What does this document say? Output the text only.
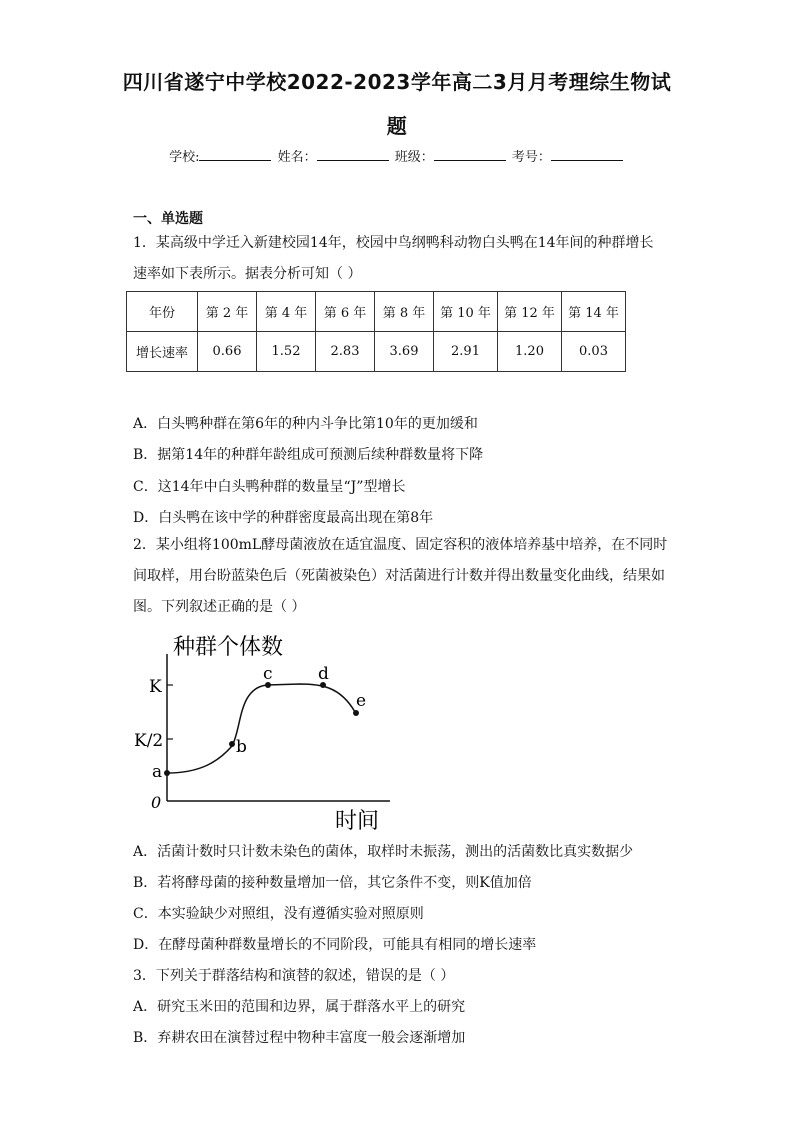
四川省遂宁中学校2022-2023学年高二3月月考理综生物试
题
学校:	姓名：	班级：	考号：
一、单选题
1．某高级中学迁入新建校园14年，校园中鸟纲鸭科动物白头鸭在14年间的种群增长
速率如下表所示。据表分析可知（ ）
年份	第 2 年	第 4 年	第 6 年	第 8 年	第 10 年	第 12 年	第 14 年
增长速率	0.66	1.52	2.83	3.69	2.91	1.20	0.03
A．白头鸭种群在第6年的种内斗争比第10年的更加缓和
B．据第14年的种群年龄组成可预测后续种群数量将下降
C．这14年中白头鸭种群的数量呈“J”型增长
D．白头鸭在该中学的种群密度最高出现在第8年
2．某小组将100mL酵母菌液放在适宜温度、固定容积的液体培养基中培养，在不同时
间取样，用台盼蓝染色后（死菌被染色）对活菌进行计数并得出数量变化曲线，结果如
图。下列叙述正确的是（ ）
种群个体数
时间
K
K/2
0
a
b
c	d
e
A．活菌计数时只计数未染色的菌体，取样时未振荡，测出的活菌数比真实数据少
B．若将酵母菌的接种数量增加一倍，其它条件不变，则K值加倍
C．本实验缺少对照组，没有遵循实验对照原则
D．在酵母菌种群数量增长的不同阶段，可能具有相同的增长速率
3．下列关于群落结构和演替的叙述，错误的是（ ）
A．研究玉米田的范围和边界，属于群落水平上的研究
B．弃耕农田在演替过程中物种丰富度一般会逐渐增加
